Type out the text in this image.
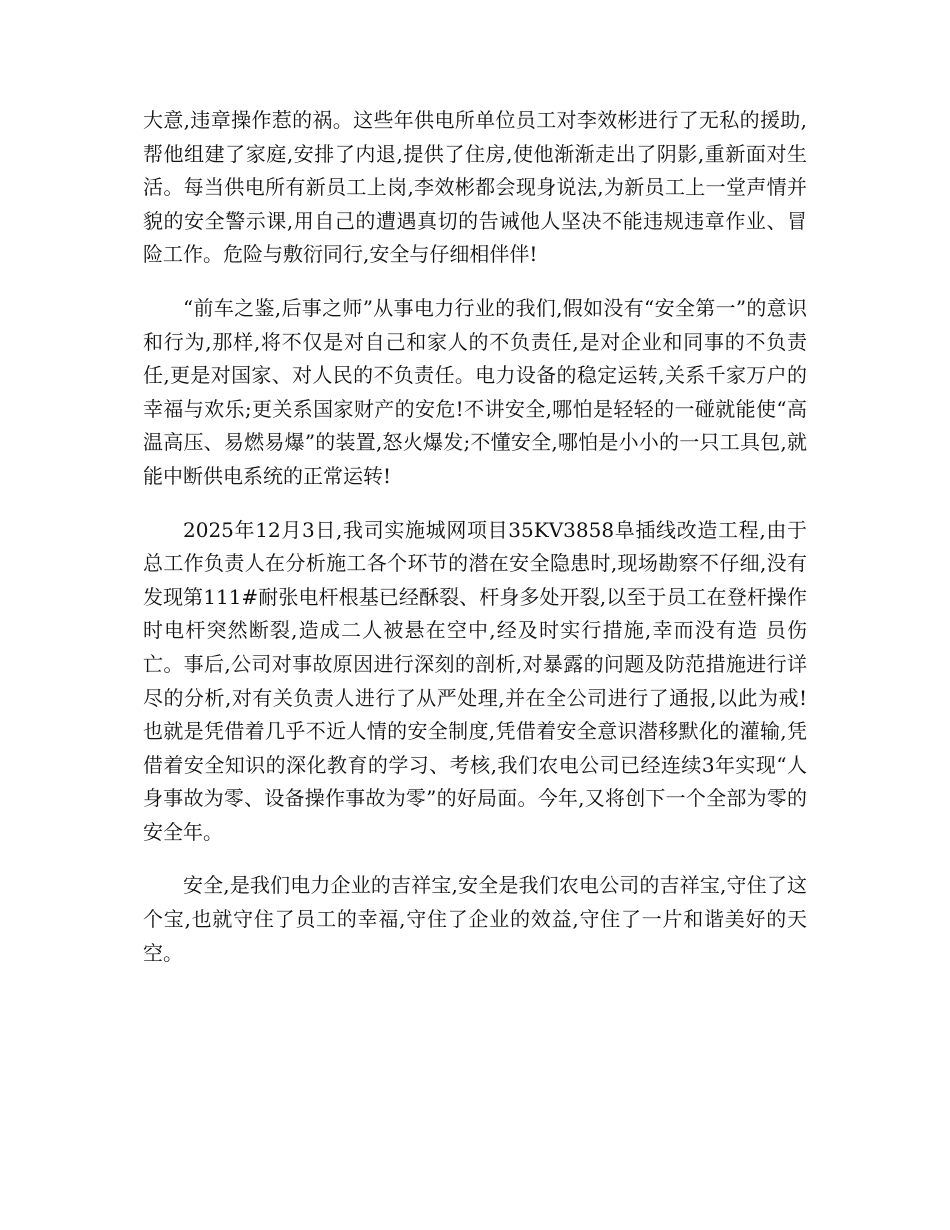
大意,违章操作惹的祸。这些年供电所单位员工对李效彬进行了无私的援助,帮他组建了家庭,安排了内退,提供了住房,使他渐渐走出了阴影,重新面对生活。每当供电所有新员工上岗,李效彬都会现身说法,为新员工上一堂声情并貌的安全警示课,用自己的遭遇真切的告诫他人坚决不能违规违章作业、冒险工作。危险与敷衍同行,安全与仔细相伴伴!

“前车之鉴,后事之师”从事电力行业的我们,假如没有“安全第一”的意识和行为,那样,将不仅是对自己和家人的不负责任,是对企业和同事的不负责任,更是对国家、对人民的不负责任。电力设备的稳定运转,关系千家万户的幸福与欢乐;更关系国家财产的安危!不讲安全,哪怕是轻轻的一碰就能使“高温高压、易燃易爆”的装置,怒火爆发;不懂安全,哪怕是小小的一只工具包,就能中断供电系统的正常运转!

2025年12月3日,我司实施城网项目35KV3858阜插线改造工程,由于总工作负责人在分析施工各个环节的潜在安全隐患时,现场勘察不仔细,没有发现第111#耐张电杆根基已经酥裂、杆身多处开裂,以至于员工在登杆操作时电杆突然断裂,造成二人被悬在空中,经及时实行措施,幸而没有造 员伤亡。事后,公司对事故原因进行深刻的剖析,对暴露的问题及防范措施进行详尽的分析,对有关负责人进行了从严处理,并在全公司进行了通报,以此为戒!也就是凭借着几乎不近人情的安全制度,凭借着安全意识潜移默化的灌输,凭借着安全知识的深化教育的学习、考核,我们农电公司已经连续3年实现“人身事故为零、设备操作事故为零”的好局面。今年,又将创下一个全部为零的安全年。

安全,是我们电力企业的吉祥宝,安全是我们农电公司的吉祥宝,守住了这个宝,也就守住了员工的幸福,守住了企业的效益,守住了一片和谐美好的天空。
